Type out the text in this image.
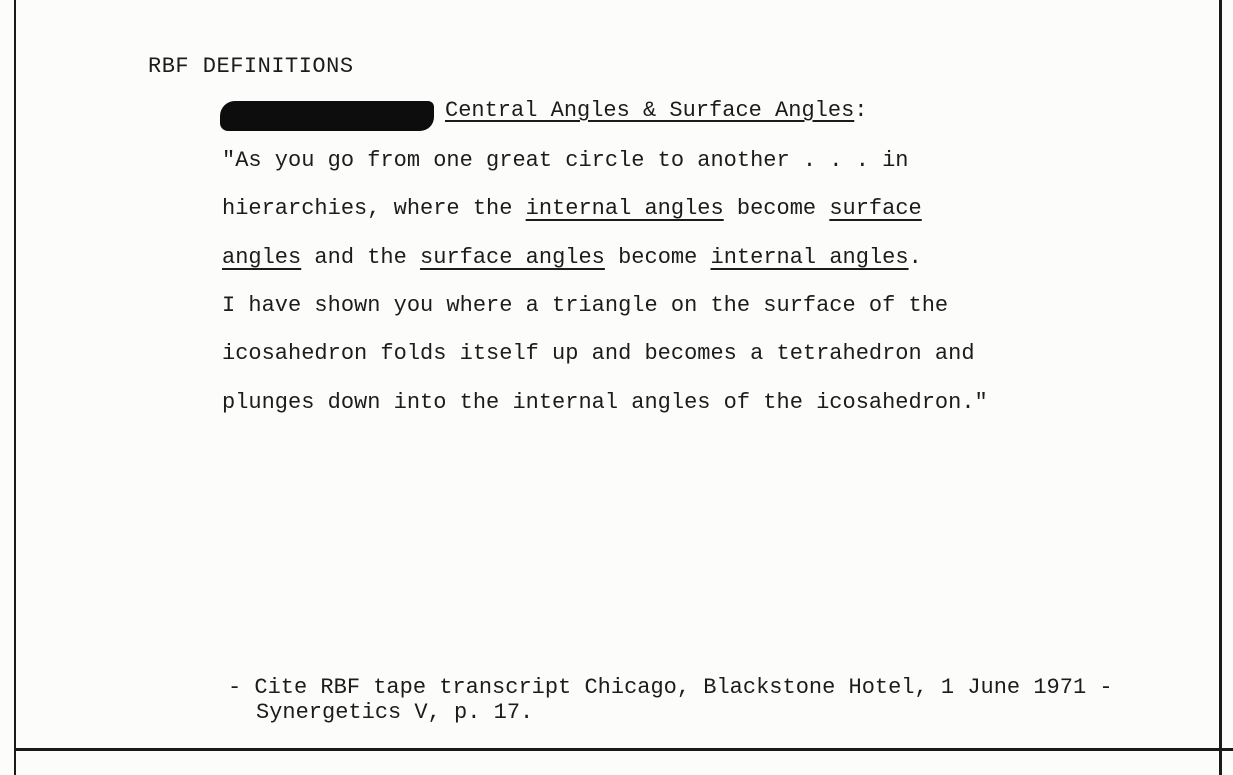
RBF DEFINITIONS
Central Angles & Surface Angles:
"As you go from one great circle to another . . . in
hierarchies, where the internal angles become surface
angles and the surface angles become internal angles.
I have shown you where a triangle on the surface of the
icosahedron folds itself up and becomes a tetrahedron and
plunges down into the internal angles of the icosahedron."
- Cite RBF tape transcript Chicago, Blackstone Hotel, 1 June 1971 -
Synergetics V, p. 17.
